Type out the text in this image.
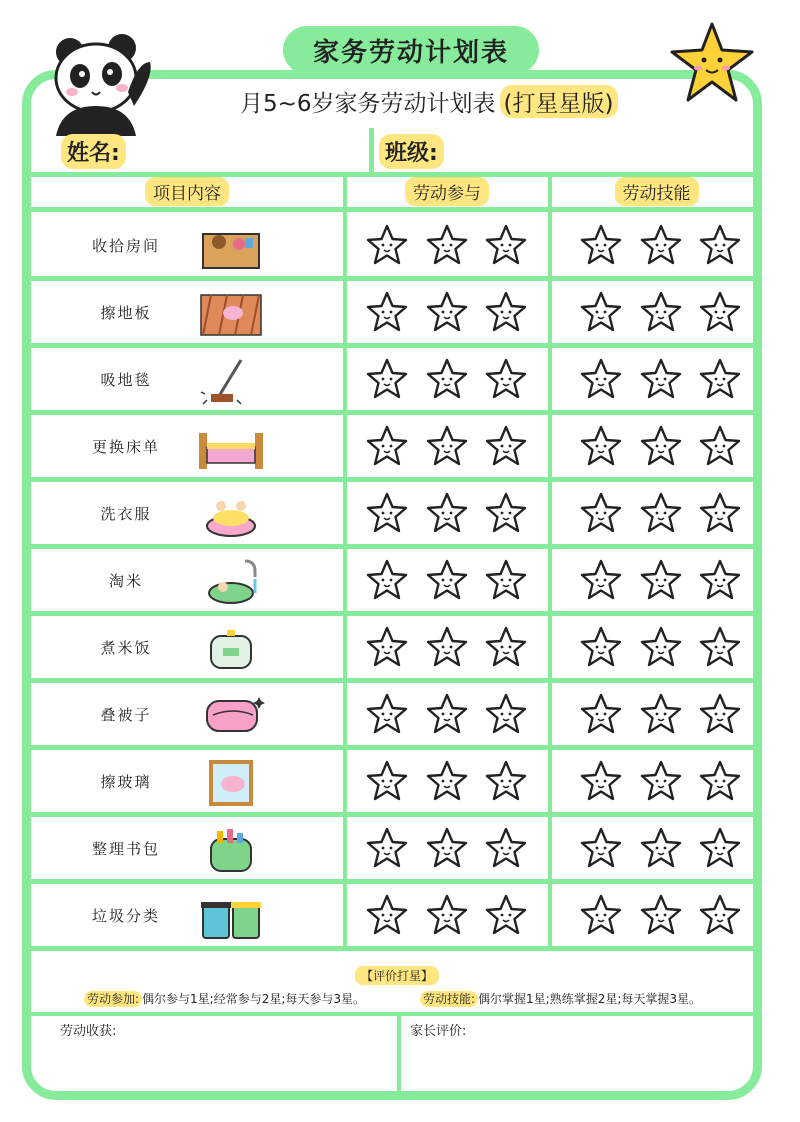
家务劳动计划表
月5~6岁家务劳动计划表 (打星星版)
姓名:	班级:
项目内容	劳动参与	劳动技能
收拾房间
擦地板
吸地毯
更换床单
洗衣服
淘米
煮米饭
叠被子
擦玻璃
整理书包
垃圾分类
【评价打星】
劳动参加: 偶尔参与1星;经常参与2星;每天参与3星。	劳动技能: 偶尔掌握1星;熟练掌握2星;每天掌握3星。
劳动收获:	家长评价:
